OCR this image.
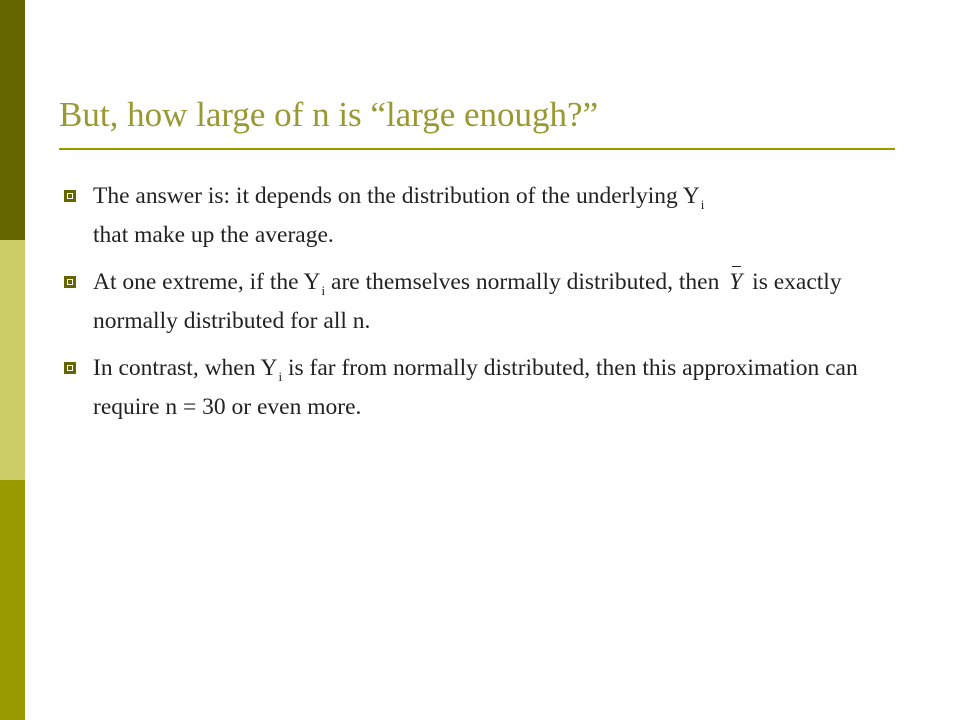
But, how large of n is “large enough?”
The answer is: it depends on the distribution of the underlying $Y_i$
that make up the average.
At one extreme, if the $Y_i$ are themselves normally distributed, then Y is exactly normally distributed for all n.
In contrast, when $Y_i$ is far from normally distributed, then this approximation can require n = 30 or even more.
